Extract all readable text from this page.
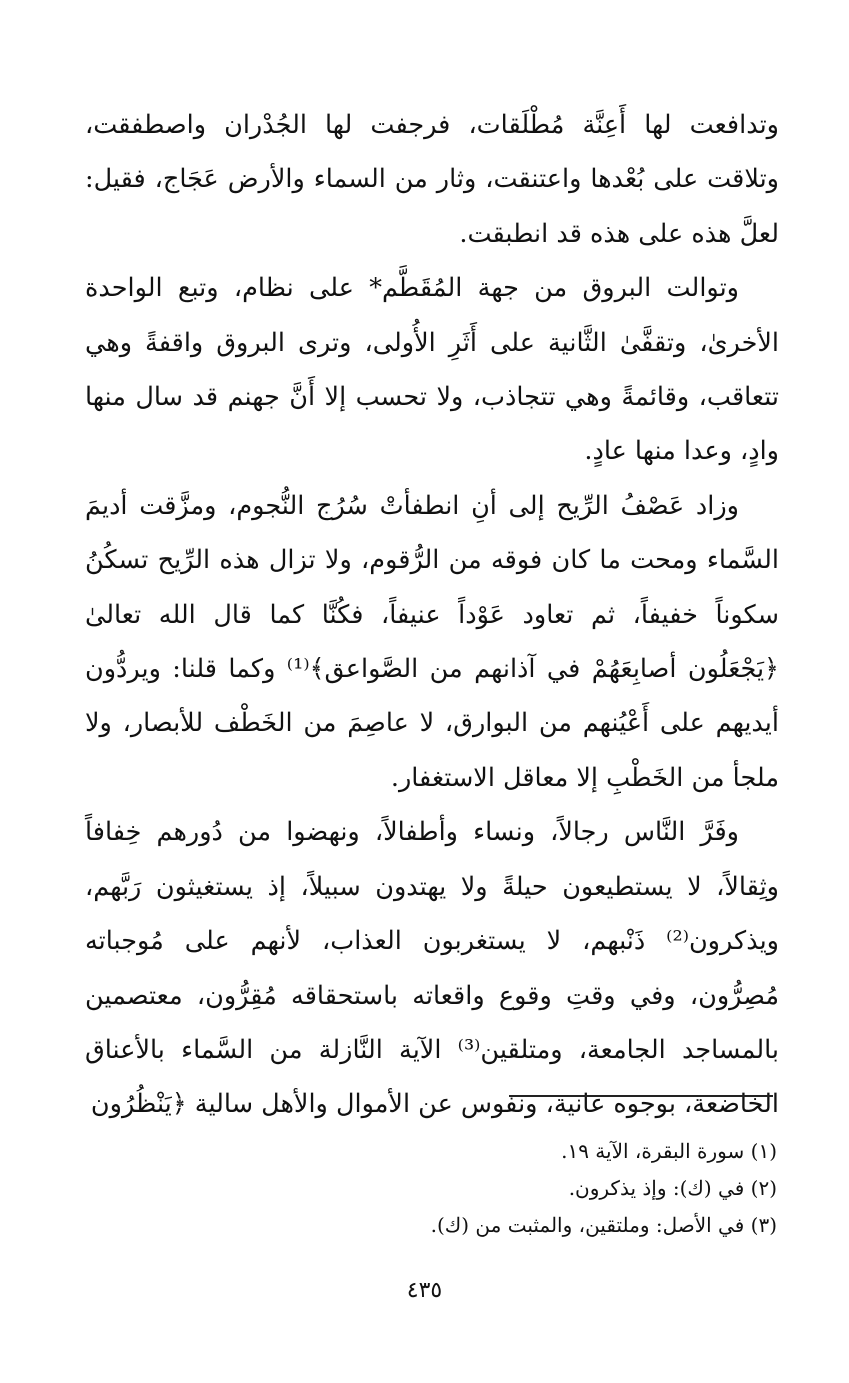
وتدافعت لها أَعِنَّة مُطْلَقات، فرجفت لها الجُدْران واصطفقت، وتلاقت على بُعْدها واعتنقت، وثار من السماء والأرض عَجَاج، فقيل: لعلَّ هذه على هذه قد انطبقت.

وتوالت البروق من جهة المُقَطَّم* على نظام، وتبع الواحدة الأخرىٰ، وتقفَّىٰ الثَّانية على أَثَرِ الأُولى، وترى البروق واقفةً وهي تتعاقب، وقائمةً وهي تتجاذب، ولا تحسب إلا أَنَّ جهنم قد سال منها وادٍ، وعدا منها عادٍ.

وزاد عَصْفُ الرِّيح إلى أنِ انطفأتْ سُرُج النُّجوم، ومزَّقت أديمَ السَّماء ومحت ما كان فوقه من الرُّقوم، ولا تزال هذه الرِّيح تسكُنُ سكوناً خفيفاً، ثم تعاود عَوْداً عنيفاً، فكُنَّا كما قال الله تعالىٰ ﴿يَجْعَلُون أصابِعَهُمْ في آذانهم من الصَّواعق﴾⁽¹⁾ وكما قلنا: ويردُّون أيديهم على أَعْيُنهم من البوارق، لا عاصِمَ من الخَطْف للأبصار، ولا ملجأ من الخَطْبِ إلا معاقل الاستغفار.

وفَرَّ النَّاس رجالاً، ونساء وأطفالاً، ونهضوا من دُورهم خِفافاً وثِقالاً، لا يستطيعون حيلةً ولا يهتدون سبيلاً، إذ يستغيثون رَبَّهم، ويذكرون⁽²⁾ ذَنْبهم، لا يستغربون العذاب، لأنهم على مُوجباته مُصِرُّون، وفي وقتِ وقوع واقعاته باستحقاقه مُقِرُّون، معتصمين بالمساجد الجامعة، ومتلقين⁽³⁾ الآية النَّازلة من السَّماء بالأعناق الخاضعة، بوجوه عانية، ونفوس عن الأموال والأهل سالية ﴿يَنْظُرُون

(١) سورة البقرة، الآية ١٩.

(٢) في (ك): وإذ يذكرون.

(٣) في الأصل: وملتقين، والمثبت من (ك).

٤٣٥
